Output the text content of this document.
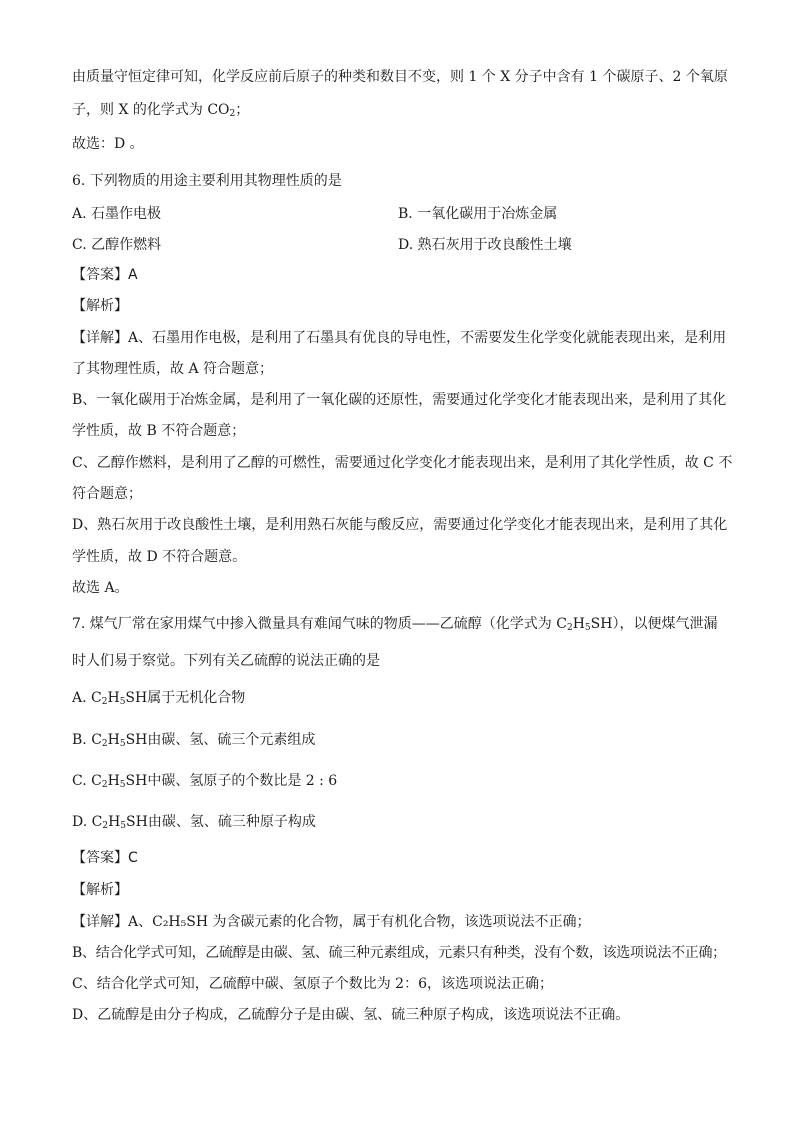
由质量守恒定律可知，化学反应前后原子的种类和数目不变，则 1 个 X 分子中含有 1 个碳原子、2 个氧原
子，则 X 的化学式为 $CO_2$；
故选：D 。
6. 下列物质的用途主要利用其物理性质的是
A. 石墨作电极	B. 一氧化碳用于冶炼金属
C. 乙醇作燃料	D. 熟石灰用于改良酸性土壤
【答案】A
【解析】
【详解】A、石墨用作电极，是利用了石墨具有优良的导电性，不需要发生化学变化就能表现出来，是利用
了其物理性质，故 A 符合题意；
B、一氧化碳用于冶炼金属，是利用了一氧化碳的还原性，需要通过化学变化才能表现出来，是利用了其化
学性质，故 B 不符合题意；
C、乙醇作燃料，是利用了乙醇的可燃性，需要通过化学变化才能表现出来，是利用了其化学性质，故 C 不
符合题意；
D、熟石灰用于改良酸性土壤，是利用熟石灰能与酸反应，需要通过化学变化才能表现出来，是利用了其化
学性质，故 D 不符合题意。
故选 A。
7. 煤气厂常在家用煤气中掺入微量具有难闻气味的物质——乙硫醇（化学式为 $C_2H_5SH$），以便煤气泄漏
时人们易于察觉。下列有关乙硫醇的说法正确的是
A. $C_2H_5SH$属于无机化合物
B. $C_2H_5SH$由碳、氢、硫三个元素组成
C. $C_2H_5SH$中碳、氢原子的个数比是 2 : 6
D. $C_2H_5SH$由碳、氢、硫三种原子构成
【答案】C
【解析】
【详解】A、C₂H₅SH 为含碳元素的化合物，属于有机化合物，该选项说法不正确；
B、结合化学式可知，乙硫醇是由碳、氢、硫三种元素组成，元素只有种类，没有个数，该选项说法不正确；
C、结合化学式可知，乙硫醇中碳、氢原子个数比为 2：6，该选项说法正确；
D、乙硫醇是由分子构成，乙硫醇分子是由碳、氢、硫三种原子构成，该选项说法不正确。
